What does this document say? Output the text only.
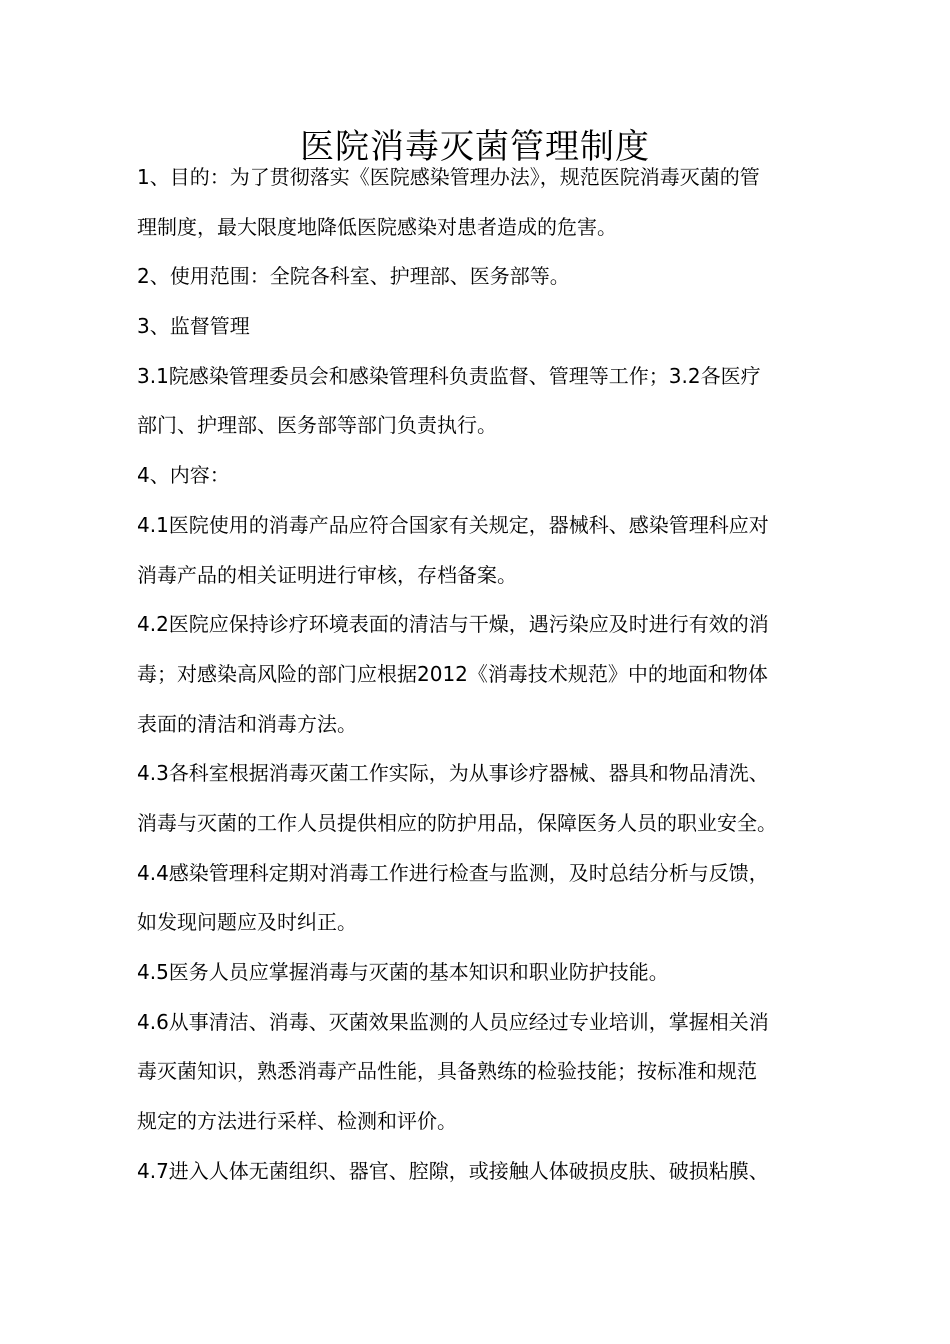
医院消毒灭菌管理制度
1、目的：为了贯彻落实《医院感染管理办法》，规范医院消毒灭菌的管
理制度，最大限度地降低医院感染对患者造成的危害。
2、使用范围：全院各科室、护理部、医务部等。
3、监督管理
3.1院感染管理委员会和感染管理科负责监督、管理等工作；3.2各医疗
部门、护理部、医务部等部门负责执行。
4、内容：
4.1医院使用的消毒产品应符合国家有关规定，器械科、感染管理科应对
消毒产品的相关证明进行审核，存档备案。
4.2医院应保持诊疗环境表面的清洁与干燥，遇污染应及时进行有效的消
毒；对感染高风险的部门应根据2012《消毒技术规范》中的地面和物体
表面的清洁和消毒方法。
4.3各科室根据消毒灭菌工作实际，为从事诊疗器械、器具和物品清洗、
消毒与灭菌的工作人员提供相应的防护用品，保障医务人员的职业安全。
4.4感染管理科定期对消毒工作进行检查与监测，及时总结分析与反馈，
如发现问题应及时纠正。
4.5医务人员应掌握消毒与灭菌的基本知识和职业防护技能。
4.6从事清洁、消毒、灭菌效果监测的人员应经过专业培训，掌握相关消
毒灭菌知识，熟悉消毒产品性能，具备熟练的检验技能；按标准和规范
规定的方法进行采样、检测和评价。
4.7进入人体无菌组织、器官、腔隙，或接触人体破损皮肤、破损粘膜、
